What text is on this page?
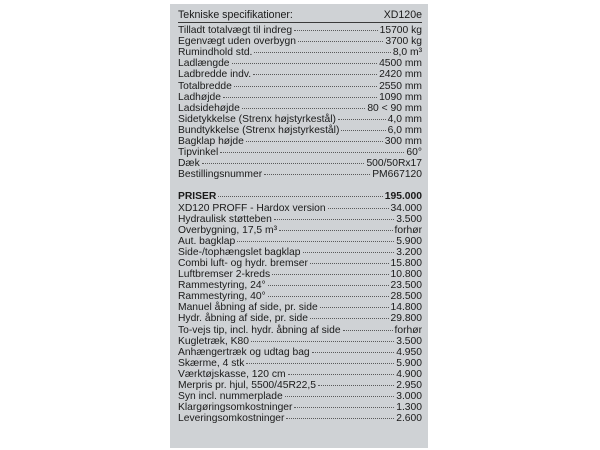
Tekniske specifikationer:	XD120e
Tilladt totalvægt til indreg	15700 kg
Egenvægt uden overbygn	3700 kg
Rumindhold std.	8,0 m³
Ladlængde	4500 mm
Ladbredde indv.	2420 mm
Totalbredde	2550 mm
Ladhøjde	1090 mm
Ladsidehøjde	80 < 90 mm
Sidetykkelse (Strenx højstyrkestål)	4,0 mm
Bundtykkelse (Strenx højstyrkestål)	6,0 mm
Bagklap højde	300 mm
Tipvinkel	60°
Dæk	500/50Rx17
Bestillingsnummer	PM667120
PRISER	195.000
XD120 PROFF - Hardox version	34.000
Hydraulisk støtteben	3.500
Overbygning, 17,5 m³	forhør
Aut. bagklap	5.900
Side-/tophængslet bagklap	3.200
Combi luft- og hydr. bremser	15.800
Luftbremser 2-kreds	10.800
Rammestyring, 24°	23.500
Rammestyring, 40°	28.500
Manuel åbning af side, pr. side	14.800
Hydr. åbning af side, pr. side	29.800
To-vejs tip, incl. hydr. åbning af side	forhør
Kugletræk, K80	3.500
Anhængertræk og udtag bag	4.950
Skærme, 4 stk	5.900
Værktøjskasse, 120 cm	4.900
Merpris pr. hjul, 5500/45R22,5	2.950
Syn incl. nummerplade	3.000
Klargøringsomkostninger	1.300
Leveringsomkostninger	2.600
